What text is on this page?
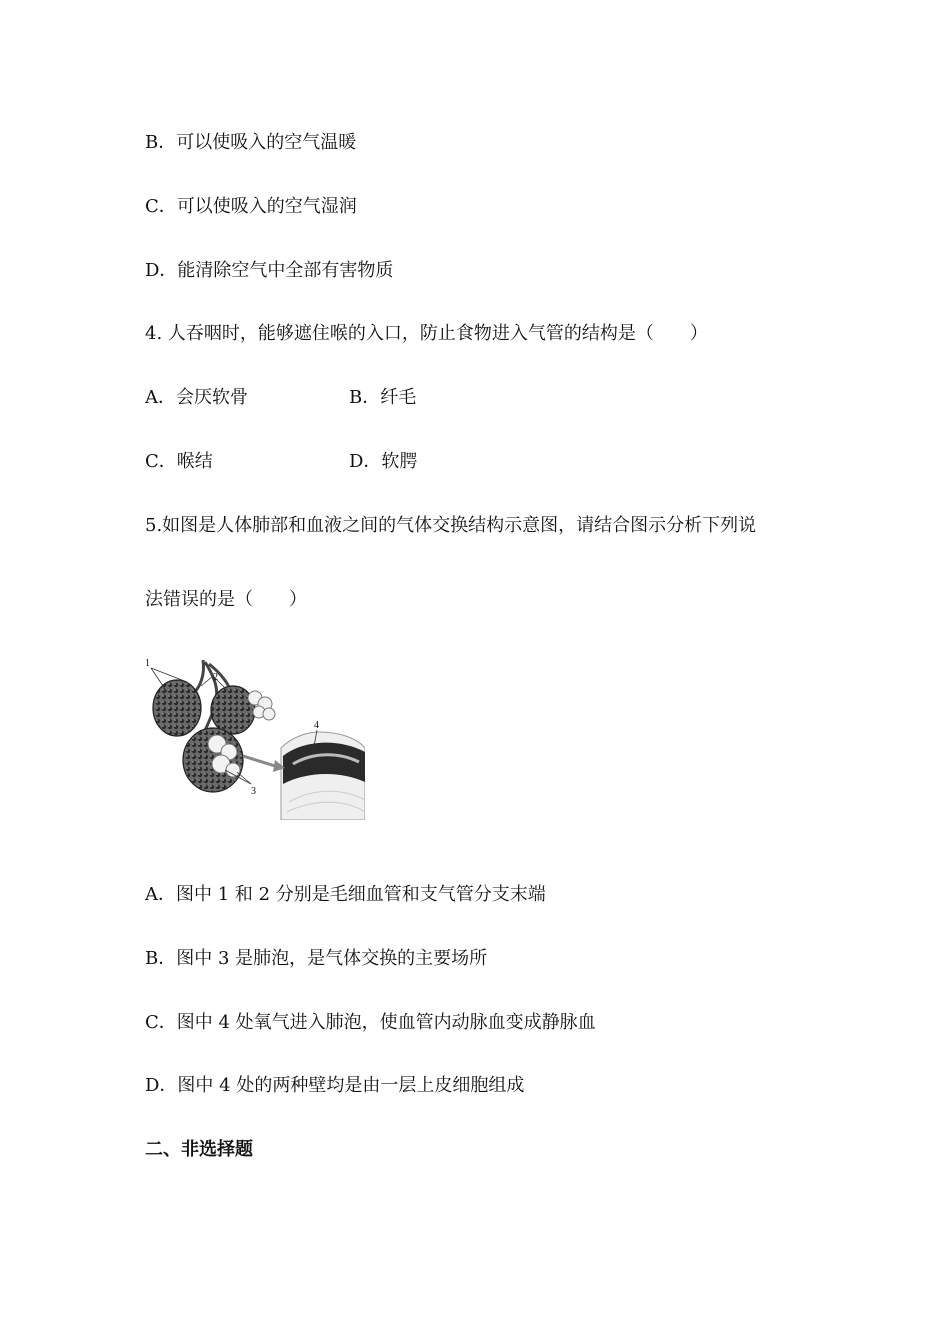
B．可以使吸入的空气温暖
C．可以使吸入的空气湿润
D．能清除空气中全部有害物质
4. 人吞咽时，能够遮住喉的入口，防止食物进入气管的结构是（　　）
A．会厌软骨	B．纤毛
C．喉结	D．软腭
5.如图是人体肺部和血液之间的气体交换结构示意图，请结合图示分析下列说
法错误的是（　　）
1
2
3
4
A．图中 1 和 2 分别是毛细血管和支气管分支末端
B．图中 3 是肺泡，是气体交换的主要场所
C．图中 4 处氧气进入肺泡，使血管内动脉血变成静脉血
D．图中 4 处的两种壁均是由一层上皮细胞组成
二、非选择题
